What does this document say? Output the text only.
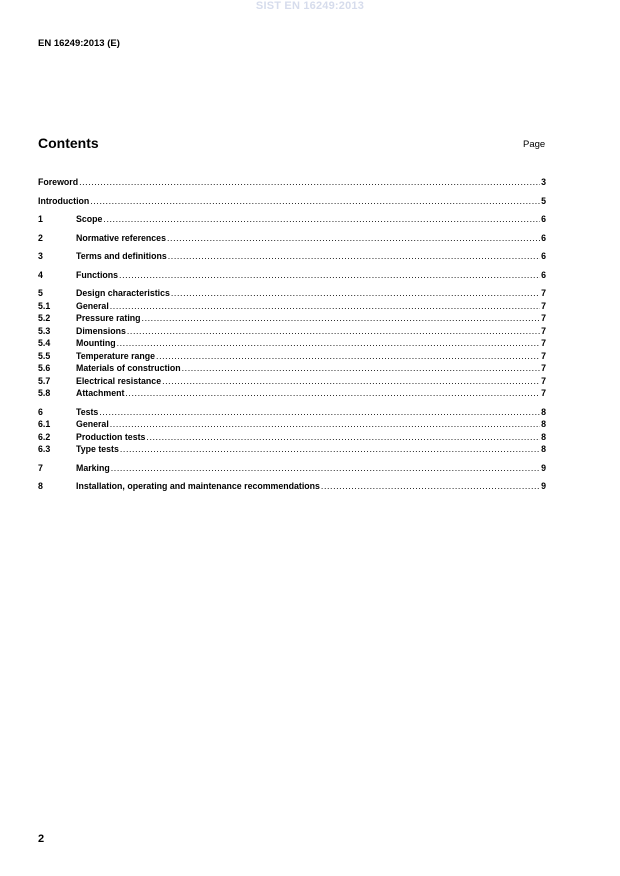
SIST EN 16249:2013
EN 16249:2013 (E)
Contents	Page
Foreword .....	3
Introduction .....	5
1	Scope .....	6
2	Normative references .....	6
3	Terms and definitions .....	6
4	Functions .....	6
5	Design characteristics .....	7
5.1	General .....	7
5.2	Pressure rating .....	7
5.3	Dimensions .....	7
5.4	Mounting .....	7
5.5	Temperature range .....	7
5.6	Materials of construction .....	7
5.7	Electrical resistance .....	7
5.8	Attachment .....	7
6	Tests .....	8
6.1	General .....	8
6.2	Production tests .....	8
6.3	Type tests .....	8
7	Marking .....	9
8	Installation, operating and maintenance recommendations .....	9
2
